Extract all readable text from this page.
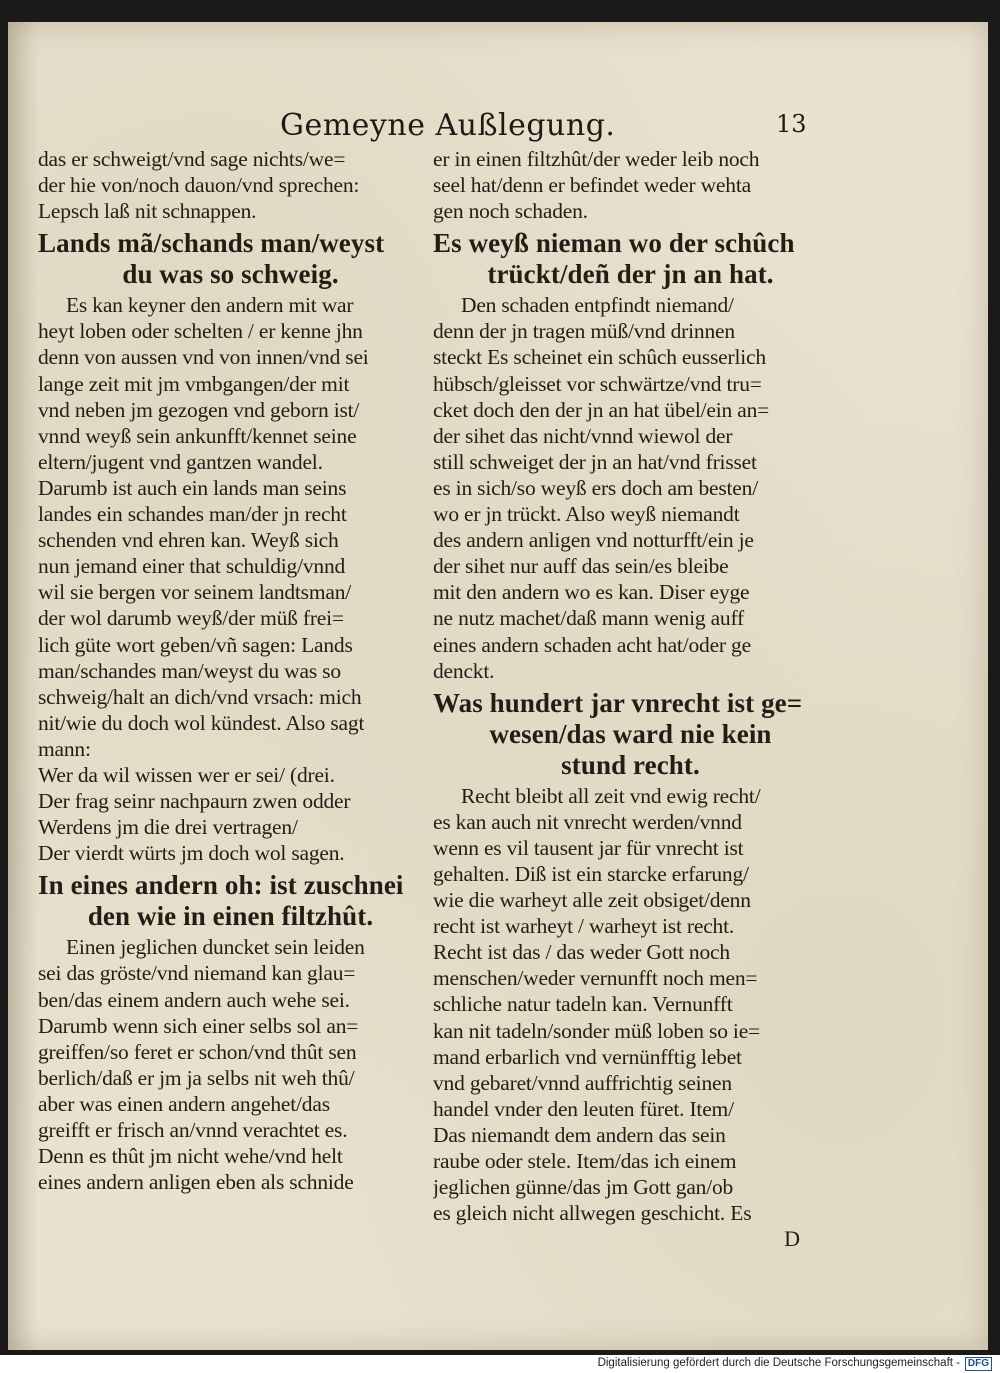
Gemeyne Außlegung.	13
das er schweigt/vnd sage nichts/we=
der hie von/noch dauon/vnd sprechen:
Lepsch laß nit schnappen.
Lands mã/schands man/weyst
du was so schweig.
Es kan keyner den andern mit war
heyt loben oder schelten / er kenne jhn
denn von aussen vnd von innen/vnd sei
lange zeit mit jm vmbgangen/der mit
vnd neben jm gezogen vnd geborn ist/
vnnd weyß sein ankunfft/kennet seine
eltern/jugent vnd gantzen wandel.
Darumb ist auch ein lands man seins
landes ein schandes man/der jn recht
schenden vnd ehren kan. Weyß sich
nun jemand einer that schuldig/vnnd
wil sie bergen vor seinem landtsman/
der wol darumb weyß/der müß frei=
lich güte wort geben/vñ sagen: Lands
man/schandes man/weyst du was so
schweig/halt an dich/vnd vrsach: mich
nit/wie du doch wol kündest. Also sagt
mann:
Wer da wil wissen wer er sei/ (drei.
Der frag seinr nachpaurn zwen odder
Werdens jm die drei vertragen/
Der vierdt würts jm doch wol sagen.
In eines andern oh: ist zuschnei
den wie in einen filtzhût.
Einen jeglichen duncket sein leiden
sei das gröste/vnd niemand kan glau=
ben/das einem andern auch wehe sei.
Darumb wenn sich einer selbs sol an=
greiffen/so feret er schon/vnd thût sen
berlich/daß er jm ja selbs nit weh thû/
aber was einen andern angehet/das
greifft er frisch an/vnnd verachtet es.
Denn es thût jm nicht wehe/vnd helt
eines andern anligen eben als schnide
er in einen filtzhût/der weder leib noch
seel hat/denn er befindet weder wehta
gen noch schaden.
Es weyß nieman wo der schûch
trückt/deñ der jn an hat.
Den schaden entpfindt niemand/
denn der jn tragen müß/vnd drinnen
steckt Es scheinet ein schûch eusserlich
hübsch/gleisset vor schwärtze/vnd tru=
cket doch den der jn an hat übel/ein an=
der sihet das nicht/vnnd wiewol der
still schweiget der jn an hat/vnd frisset
es in sich/so weyß ers doch am besten/
wo er jn trückt. Also weyß niemandt
des andern anligen vnd notturfft/ein je
der sihet nur auff das sein/es bleibe
mit den andern wo es kan. Diser eyge
ne nutz machet/daß mann wenig auff
eines andern schaden acht hat/oder ge
denckt.
Was hundert jar vnrecht ist ge=
wesen/das ward nie kein
stund recht.
Recht bleibt all zeit vnd ewig recht/
es kan auch nit vnrecht werden/vnnd
wenn es vil tausent jar für vnrecht ist
gehalten. Diß ist ein starcke erfarung/
wie die warheyt alle zeit obsiget/denn
recht ist warheyt / warheyt ist recht.
Recht ist das / das weder Gott noch
menschen/weder vernunfft noch men=
schliche natur tadeln kan. Vernunfft
kan nit tadeln/sonder müß loben so ie=
mand erbarlich vnd vernünfftig lebet
vnd gebaret/vnnd auffrichtig seinen
handel vnder den leuten füret. Item/
Das niemandt dem andern das sein
raube oder stele. Item/das ich einem
jeglichen günne/das jm Gott gan/ob
es gleich nicht allwegen geschicht. Es
D
Digitalisierung gefördert durch die Deutsche Forschungsgemeinschaft - DFG
